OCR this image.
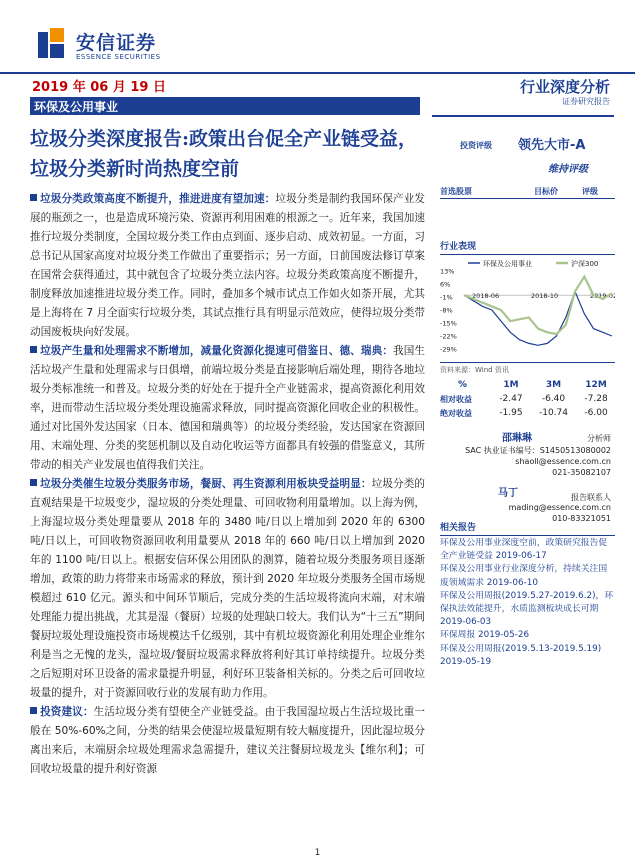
安信证券
ESSENCE SECURITIES
2019 年 06 月 19 日
环保及公用事业
行业深度分析
证券研究报告
垃圾分类深度报告:政策出台促全产业链受益，垃圾分类新时尚热度空前
投资评级 领先大市-A
维持评级
首选股票	目标价	评级

行业表现
环保及公用事业	沪深300
13%
6%
-1%
-8%
-15%
-22%
-29%
2018-06	2018-10	2019-02
资料来源：Wind 资讯
%	1M	3M	12M
相对收益	-2.47	-6.40	-7.28
绝对收益	-1.95	-10.74	-6.00
邵琳琳	分析师
SAC 执业证书编号：S1450513080002
shaoll@essence.com.cn
021-35082107
马丁	报告联系人
mading@essence.com.cn
010-83321051
相关报告
环保及公用事业深度空前，政策研究报告促全产业链受益 2019-06-17
环保及公用事业行业深度分析，持续关注国废领域需求 2019-06-10
环保及公用周报(2019.5.27-2019.6.2)，环保执法效能提升，水质监测板块成长可期 2019-06-03
环保周报 2019-05-26
环保及公用周报(2019.5.13-2019.5.19) 2019-05-19

垃圾分类政策高度不断提升，推进进度有望加速：垃圾分类是制约我国环保产业发展的瓶颈之一，也是造成环境污染、资源再利用困难的根源之一。近年来，我国加速推行垃圾分类制度，全国垃圾分类工作由点到面、逐步启动、成效初显。一方面，习总书记从国家高度对垃圾分类工作做出了重要指示；另一方面，日前国废法修订草案在国常会获得通过，其中就包含了垃圾分类立法内容。垃圾分类政策高度不断提升，制度释放加速推进垃圾分类工作。同时，叠加多个城市试点工作如火如荼开展，尤其是上海将在 7 月全面实行垃圾分类，其试点推行具有明显示范效应，使得垃圾分类带动国废板块向好发展。

垃圾产生量和处理需求不断增加，减量化资源化提速可借鉴日、德、瑞典：我国生活垃圾产生量和处理需求与日俱增，前端垃圾分类是直接影响后端处理，期待各地垃圾分类标准统一和普及。垃圾分类的好处在于提升全产业链需求，提高资源化利用效率，进而带动生活垃圾分类处理设施需求释放，同时提高资源化回收企业的积极性。通过对比国外发达国家（日本、德国和瑞典等）的垃圾分类经验，发达国家在资源回用、末端处理、分类的奖惩机制以及自动化收运等方面都具有较强的借鉴意义，其所带动的相关产业发展也值得我们关注。

垃圾分类催生垃圾分类服务市场，餐厨、再生资源利用板块受益明显：垃圾分类的直观结果是干垃圾变少，湿垃圾的分类处理量、可回收物利用量增加。以上海为例，上海湿垃圾分类处理量要从 2018 年的 3480 吨/日以上增加到 2020 年的 6300 吨/日以上，可回收物资源回收利用量要从 2018 年的 660 吨/日以上增加到 2020 年的 1100 吨/日以上。根据安信环保公用团队的测算，随着垃圾分类服务项目逐渐增加，政策的助力将带来市场需求的释放，预计到 2020 年垃圾分类服务全国市场规模超过 610 亿元。源头和中间环节顺后，完成分类的生活垃圾将流向末端，对末端处理能力提出挑战，尤其是湿（餐厨）垃圾的处理缺口较大。我们认为“十三五”期间餐厨垃圾处理设施投资市场规模达千亿级别，其中有机垃圾资源化利用处理企业维尔利是当之无愧的龙头，湿垃圾/餐厨垃圾需求释放将利好其订单持续提升。垃圾分类之后短期对环卫设备的需求量提升明显，利好环卫装备相关标的。分类之后可回收垃圾量的提升，对于资源回收行业的发展有助力作用。

投资建议：生活垃圾分类有望使全产业链受益。由于我国湿垃圾占生活垃圾比重一般在 50%-60%之间，分类的结果会使湿垃圾量短期有较大幅度提升，因此湿垃圾分离出来后，末端厨余垃圾处理需求急需提升，建议关注餐厨垃圾龙头【维尔利】；可回收垃圾量的提升利好资源

1
